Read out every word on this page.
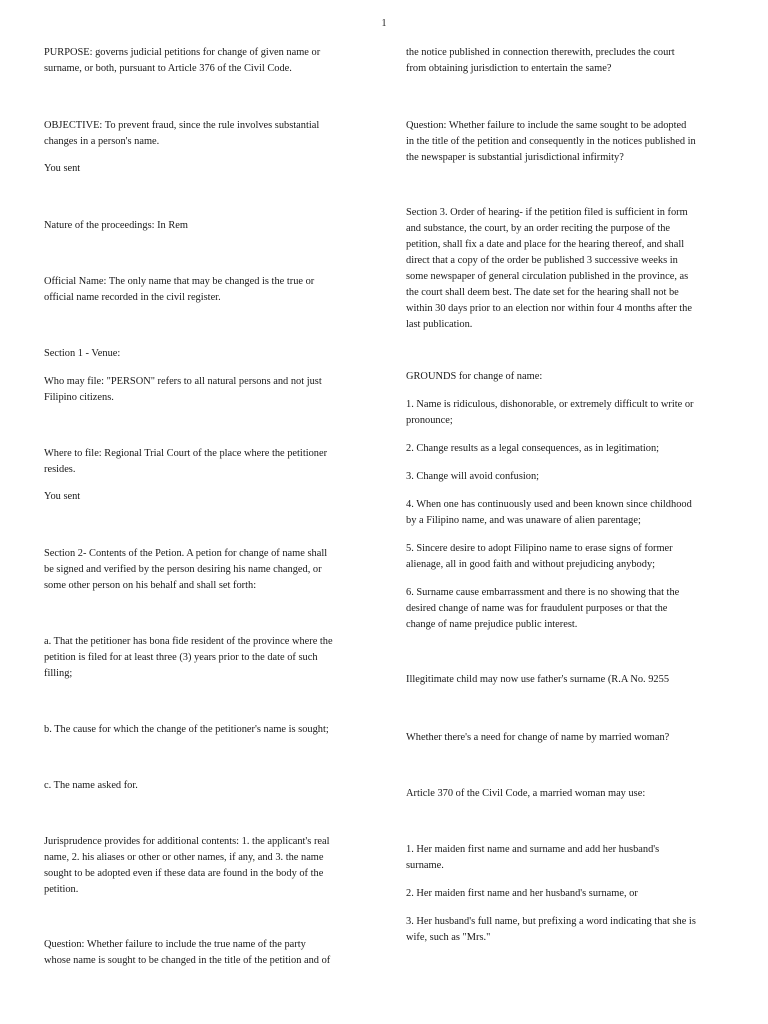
1

PURPOSE: governs judicial petitions for change of given name or
surname, or both, pursuant to Article 376 of the Civil Code.

OBJECTIVE: To prevent fraud, since the rule involves substantial
changes in a person's name.

You sent

Nature of the proceedings: In Rem

Official Name: The only name that may be changed is the true or
official name recorded in the civil register.

Section 1 - Venue:

Who may file: "PERSON" refers to all natural persons and not just
Filipino citizens.

Where to file: Regional Trial Court of the place where the petitioner
resides.

You sent

Section 2- Contents of the Petion. A petion for change of name shall
be signed and verified by the person desiring his name changed, or
some other person on his behalf and shall set forth:

a. That the petitioner has bona fide resident of the province where the
petition is filed for at least three (3) years prior to the date of such
filling;

b. The cause for which the change of the petitioner's name is sought;

c. The name asked for.

Jurisprudence provides for additional contents: 1. the applicant's real
name, 2. his aliases or other or other names, if any, and 3. the name
sought to be adopted even if these data are found in the body of the
petition.

Question: Whether failure to include the true name of the party
whose name is sought to be changed in the title of the petition and of

the notice published in connection therewith, precludes the court
from obtaining jurisdiction to entertain the same?

Question: Whether failure to include the same sought to be adopted
in the title of the petition and consequently in the notices published in
the newspaper is substantial jurisdictional infirmity?

Section 3. Order of hearing- if the petition filed is sufficient in form
and substance, the court, by an order reciting the purpose of the
petition, shall fix a date and place for the hearing thereof, and shall
direct that a copy of the order be published 3 successive weeks in
some newspaper of general circulation published in the province, as
the court shall deem best. The date set for the hearing shall not be
within 30 days prior to an election nor within four 4 months after the
last publication.

GROUNDS for change of name:

1. Name is ridiculous, dishonorable, or extremely difficult to write or
pronounce;

2. Change results as a legal consequences, as in legitimation;

3. Change will avoid confusion;

4. When one has continuously used and been known since childhood
by a Filipino name, and was unaware of alien parentage;

5. Sincere desire to adopt Filipino name to erase signs of former
alienage, all in good faith and without prejudicing anybody;

6. Surname cause embarrassment and there is no showing that the
desired change of name was for fraudulent purposes or that the
change of name prejudice public interest.

Illegitimate child may now use father's surname (R.A No. 9255

Whether there's a need for change of name by married woman?

Article 370 of the Civil Code, a married woman may use:

1. Her maiden first name and surname and add her husband's
surname.

2. Her maiden first name and her husband's surname, or

3. Her husband's full name, but prefixing a word indicating that she is
wife, such as "Mrs."
